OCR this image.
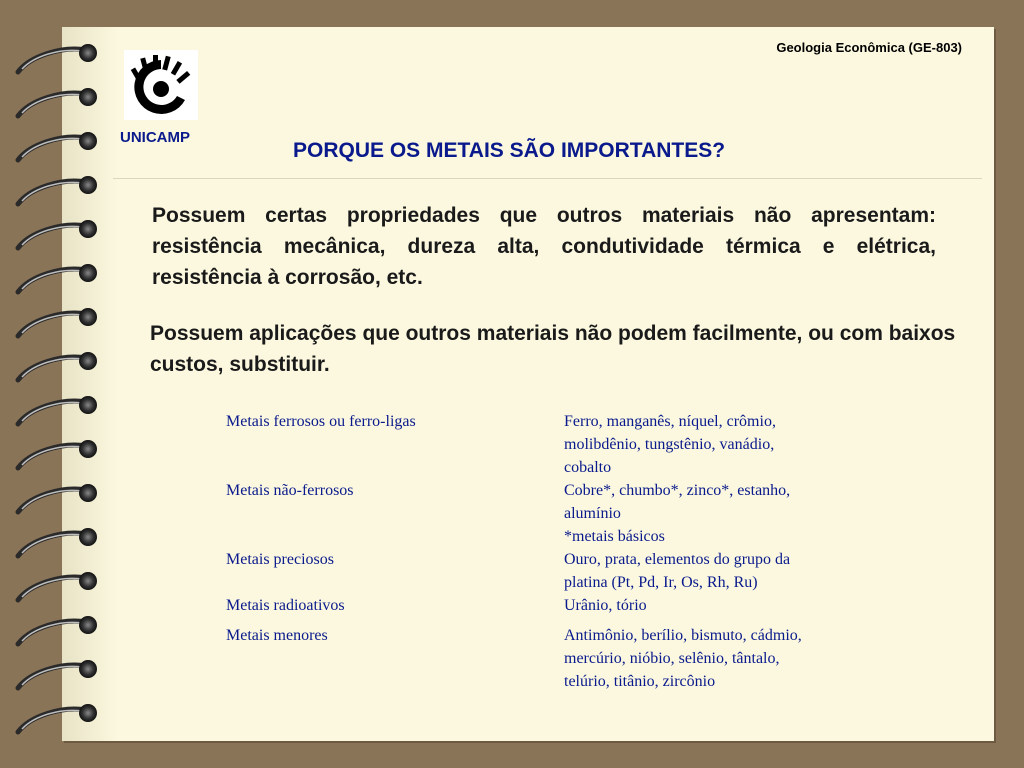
Geologia Econômica (GE-803)
UNICAMP
PORQUE OS METAIS SÃO IMPORTANTES?
Possuem certas propriedades que outros materiais não apresentam: resistência mecânica, dureza alta, condutividade térmica e elétrica, resistência à corrosão, etc.
Possuem aplicações que outros materiais não podem facilmente, ou com baixos custos, substituir.
Metais ferrosos ou ferro-ligas	Ferro, manganês, níquel, crômio,
molibdênio, tungstênio, vanádio,
cobalto
Metais não-ferrosos	Cobre*, chumbo*, zinco*, estanho,
alumínio
*metais básicos
Metais preciosos	Ouro, prata, elementos do grupo da
platina (Pt, Pd, Ir, Os, Rh, Ru)
Metais radioativos	Urânio, tório
Metais menores	Antimônio, berílio, bismuto, cádmio,
mercúrio, nióbio, selênio, tântalo,
telúrio, titânio, zircônio
